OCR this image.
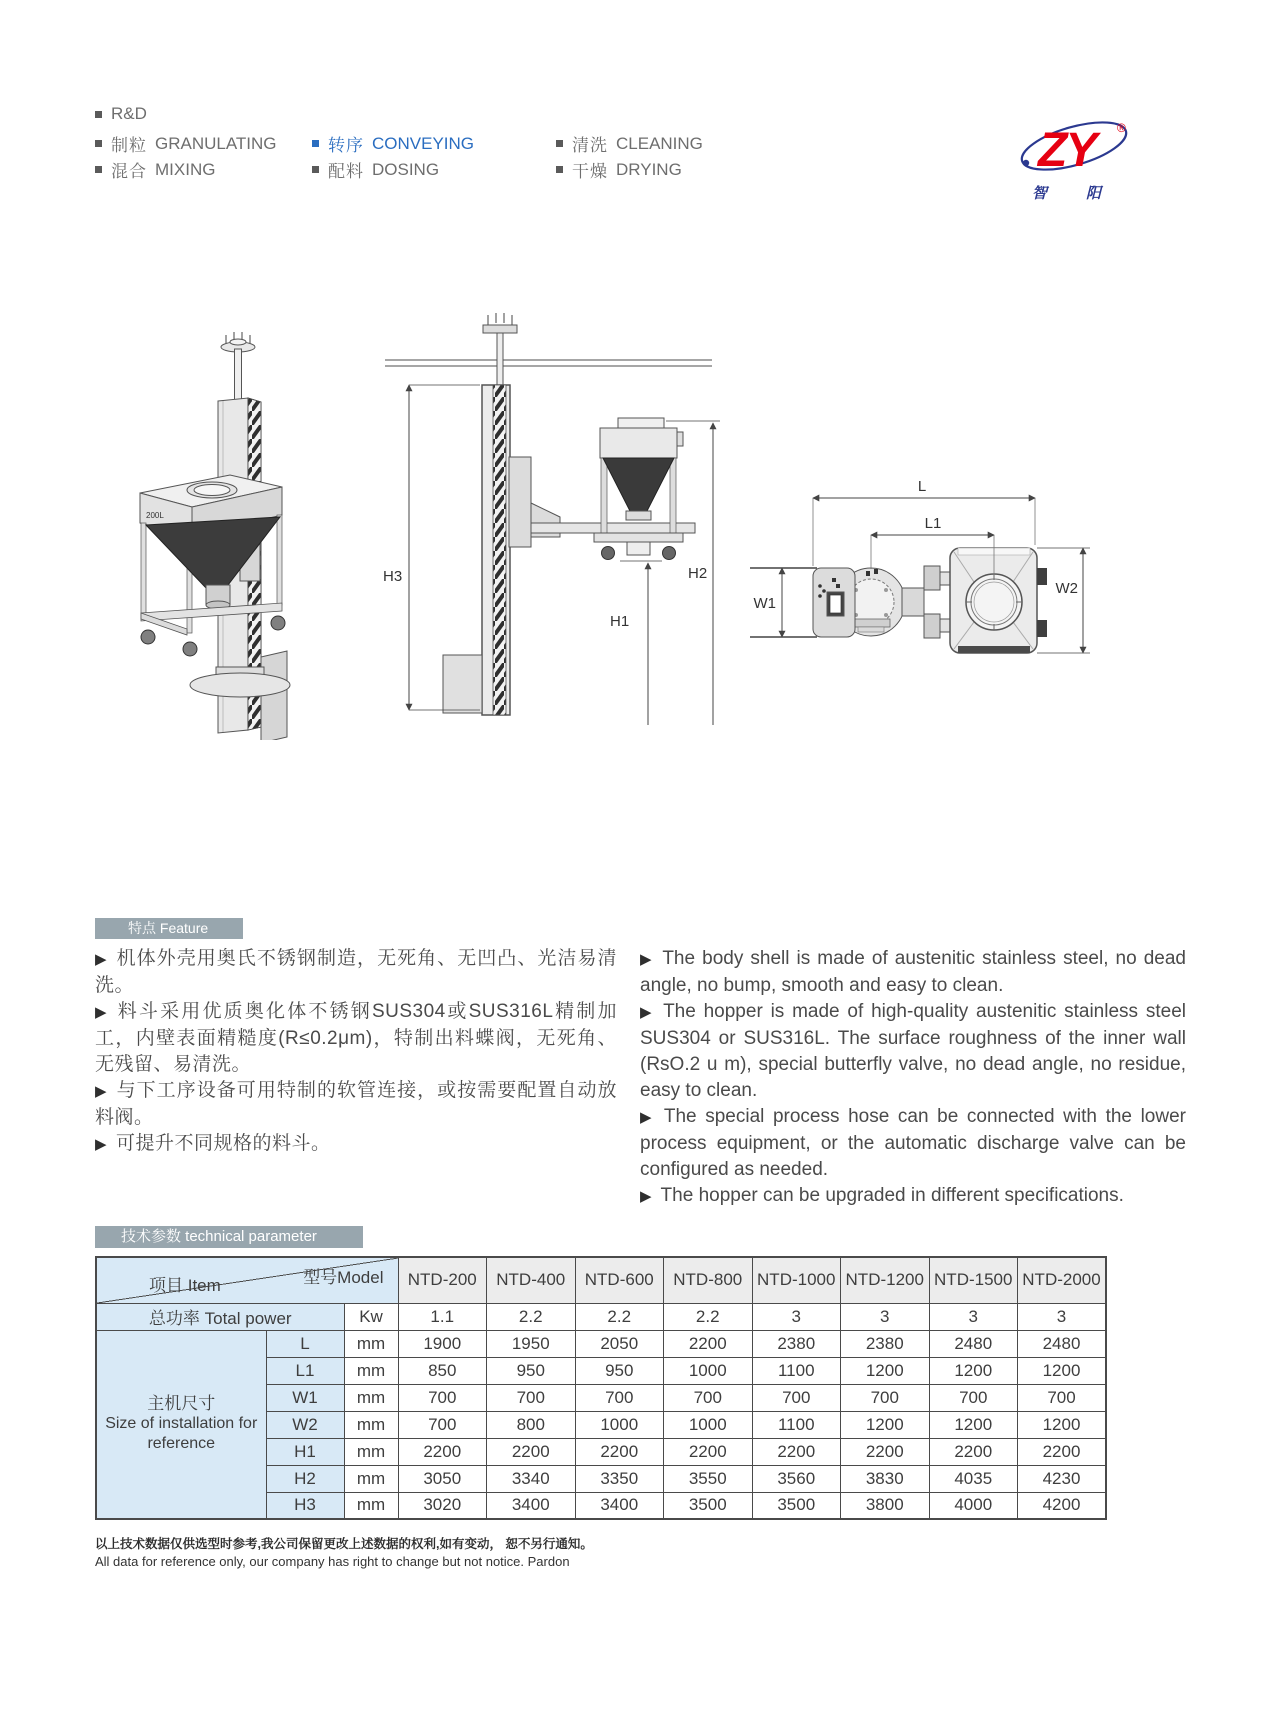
R&D
制粒 GRANULATING
混合 MIXING
转序 CONVEYING
配料 DOSING
清洗 CLEANING
干燥 DRYING	ZY	®
智	阳
200L
H3
H1
H2
L
L1
W1
W2
特点 Feature

▶ 机体外壳用奥氏不锈钢制造，无死角、无凹凸、光洁易清洗。

▶ 料斗采用优质奥化体不锈钢SUS304或SUS316L精制加工，内壁表面精糙度(R≤0.2μm)，特制出料蝶阀，无死角、无残留、易清洗。

▶ 与下工序设备可用特制的软管连接，或按需要配置自动放料阀。

▶ 可提升不同规格的料斗。

▶ The body shell is made of austenitic stainless steel, no dead angle, no bump, smooth and easy to clean.

▶ The hopper is made of high-quality austenitic stainless steel SUS304 or SUS316L. The surface roughness of the inner wall (RsO.2 u m), special butterfly valve, no dead angle, no residue, easy to clean.

▶ The special process hose can be connected with the lower process equipment, or the automatic discharge valve can be configured as needed.

▶ The hopper can be upgraded in different specifications.

技术参数 technical parameter
型号Model
项目 Item			NTD-200	NTD-400	NTD-600	NTD-800	NTD-1000	NTD-1200	NTD-1500	NTD-2000
总功率 Total power		Kw	1.1	2.2	2.2	2.2	3	3	3	3

主机尺寸
Size of installation for reference	L	mm	1900	1950	2050	2200	2380	2380	2480	2480
	L1	mm	850	950	950	1000	1100	1200	1200	1200
	W1	mm	700	700	700	700	700	700	700	700
	W2	mm	700	800	1000	1000	1100	1200	1200	1200
	H1	mm	2200	2200	2200	2200	2200	2200	2200	2200
	H2	mm	3050	3340	3350	3550	3560	3830	4035	4230
	H3	mm	3020	3400	3400	3500	3500	3800	4000	4200
以上技术数据仅供选型时参考,我公司保留更改上述数据的权利,如有变动， 恕不另行通知。
All data for reference only, our company has right to change but not notice. Pardon
